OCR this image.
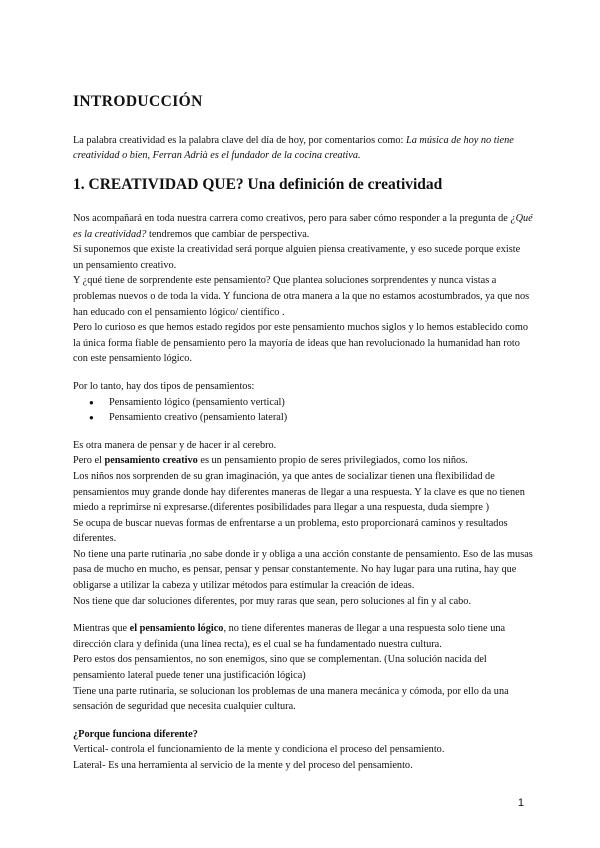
INTRODUCCIÓN

La palabra creatividad es la palabra clave del día de hoy, por comentarios como: La música de hoy no tiene creatividad o bien, Ferran Adrià es el fundador de la cocina creativa.

1. CREATIVIDAD QUE? Una definición de creatividad

Nos acompañará en toda nuestra carrera como creativos, pero para saber cómo responder a la pregunta de ¿Qué es la creatividad? tendremos que cambiar de perspectiva.

Si suponemos que existe la creatividad será porque alguien piensa creativamente, y eso sucede porque existe un pensamiento creativo.

Y ¿qué tiene de sorprendente este pensamiento? Que plantea soluciones sorprendentes y nunca vistas a problemas nuevos o de toda la vida. Y funciona de otra manera a la que no estamos acostumbrados, ya que nos han educado con el pensamiento lógico/ científico .

Pero lo curioso es que hemos estado regidos por este pensamiento muchos siglos y lo hemos establecido como la única forma fiable de pensamiento pero la mayoría de ideas que han revolucionado la humanidad han roto con este pensamiento lógico.

Por lo tanto, hay dos tipos de pensamientos:

● Pensamiento lógico (pensamiento vertical)
● Pensamiento creativo (pensamiento lateral)

Es otra manera de pensar y de hacer ir al cerebro.

Pero el pensamiento creativo es un pensamiento propio de seres privilegiados, como los niños.

Los niños nos sorprenden de su gran imaginación, ya que antes de socializar tienen una flexibilidad de pensamientos muy grande donde hay diferentes maneras de llegar a una respuesta. Y la clave es que no tienen miedo a reprimirse ni expresarse.(diferentes posibilidades para llegar a una respuesta, duda siempre )

Se ocupa de buscar nuevas formas de enfrentarse a un problema, esto proporcionará caminos y resultados diferentes.

No tiene una parte rutinaria ,no sabe donde ir y obliga a una acción constante de pensamiento. Eso de las musas pasa de mucho en mucho, es pensar, pensar y pensar constantemente. No hay lugar para una rutina, hay que obligarse a utilizar la cabeza y utilizar métodos para estimular la creación de ideas.

Nos tiene que dar soluciones diferentes, por muy raras que sean, pero soluciones al fin y al cabo.

Mientras que el pensamiento lógico, no tiene diferentes maneras de llegar a una respuesta solo tiene una dirección clara y definida (una línea recta), es el cual se ha fundamentado nuestra cultura.

Pero estos dos pensamientos, no son enemigos, sino que se complementan. (Una solución nacida del pensamiento lateral puede tener una justificación lógica)

Tiene una parte rutinaria, se solucionan los problemas de una manera mecánica y cómoda, por ello da una sensación de seguridad que necesita cualquier cultura.

¿Porque funciona diferente?

Vertical- controla el funcionamiento de la mente y condiciona el proceso del pensamiento.

Lateral- Es una herramienta al servicio de la mente y del proceso del pensamiento.

1
